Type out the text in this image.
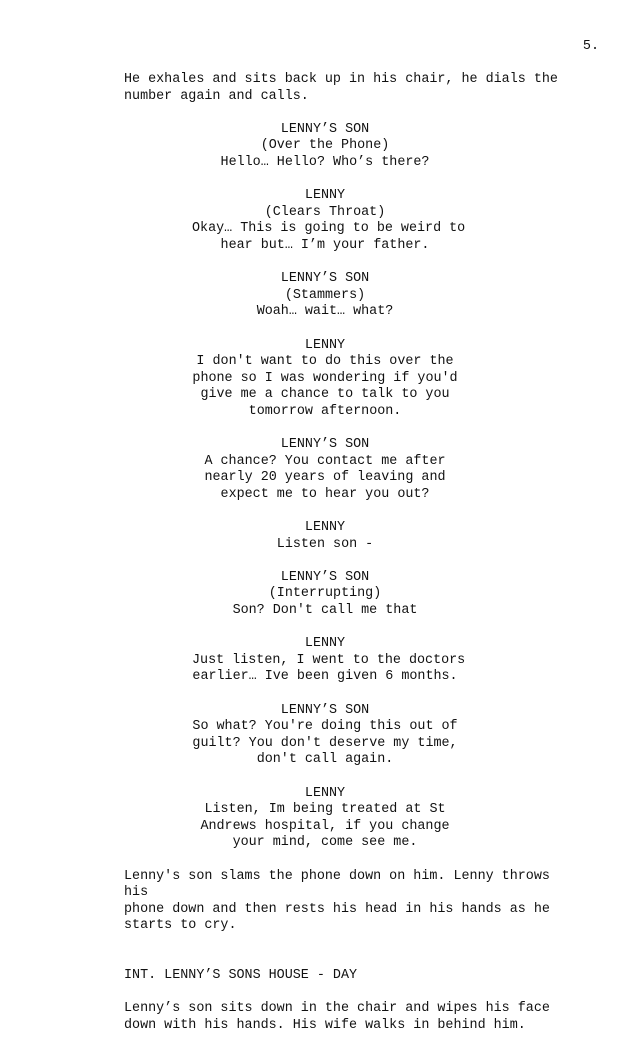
5.
He exhales and sits back up in his chair, he dials the
number again and calls.
LENNY’S SON
(Over the Phone)
Hello… Hello? Who’s there?
LENNY
(Clears Throat)
Okay… This is going to be weird to
hear but… I’m your father.
LENNY’S SON
(Stammers)
Woah… wait… what?
LENNY
I don't want to do this over the
phone so I was wondering if you'd
give me a chance to talk to you
tomorrow afternoon.
LENNY’S SON
A chance? You contact me after
nearly 20 years of leaving and
expect me to hear you out?
LENNY
Listen son -
LENNY’S SON
(Interrupting)
Son? Don't call me that
LENNY
Just listen, I went to the doctors
earlier… Ive been given 6 months.
LENNY’S SON
So what? You're doing this out of
guilt? You don't deserve my time,
don't call again.
LENNY
Listen, Im being treated at St
Andrews hospital, if you change
your mind, come see me.
Lenny's son slams the phone down on him. Lenny throws his
phone down and then rests his head in his hands as he
starts to cry.
INT. LENNY’S SONS HOUSE - DAY
Lenny’s son sits down in the chair and wipes his face
down with his hands. His wife walks in behind him.
